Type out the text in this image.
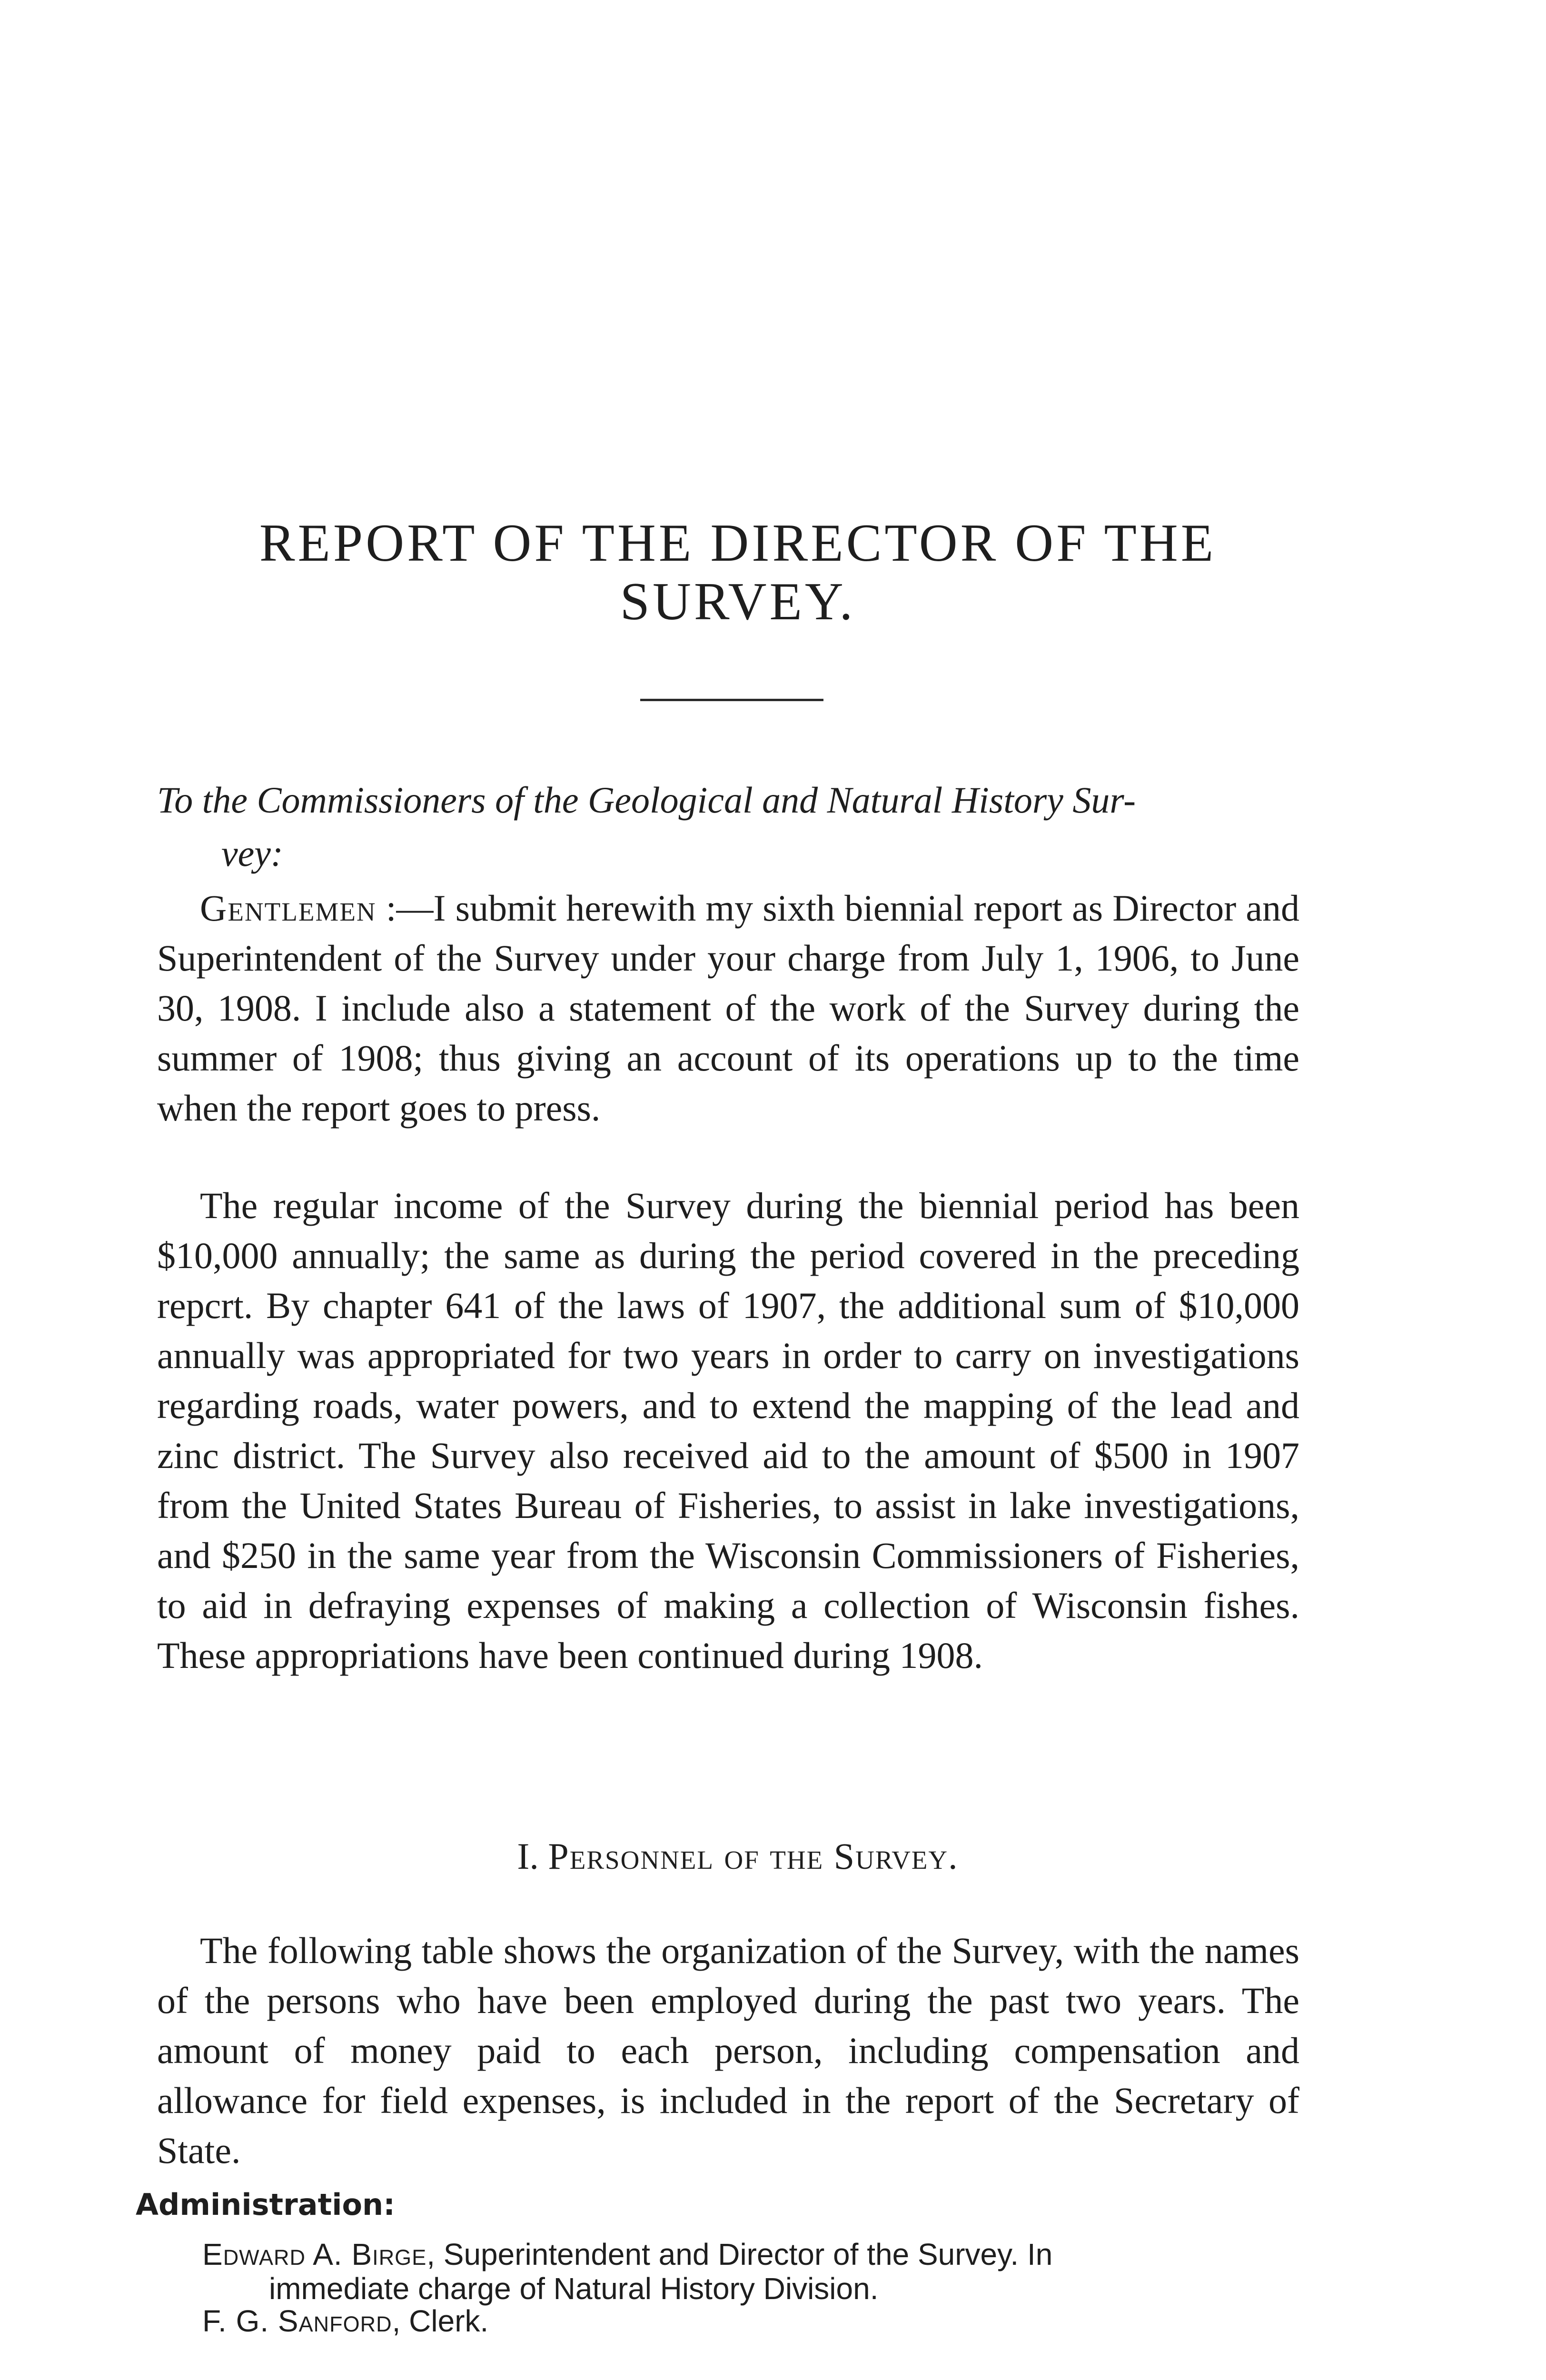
REPORT OF THE DIRECTOR OF THE
SURVEY.

To the Commissioners of the Geological and Natural History Sur-
vey:

Gentlemen :—I submit herewith my sixth biennial report as Director and Superintendent of the Survey under your charge from July 1, 1906, to June 30, 1908. I include also a statement of the work of the Survey during the summer of 1908; thus giving an account of its operations up to the time when the report goes to press.

The regular income of the Survey during the biennial period has been $10,000 annually; the same as during the period covered in the preceding repcrt. By chapter 641 of the laws of 1907, the additional sum of $10,000 annually was appropriated for two years in order to carry on investigations regarding roads, water powers, and to extend the mapping of the lead and zinc district. The Survey also received aid to the amount of $500 in 1907 from the United States Bureau of Fisheries, to assist in lake investigations, and $250 in the same year from the Wisconsin Commissioners of Fisheries, to aid in defraying expenses of making a collection of Wisconsin fishes. These appropriations have been continued during 1908.

I. Personnel of the Survey.

The following table shows the organization of the Survey, with the names of the persons who have been employed during the past two years. The amount of money paid to each person, including compensation and allowance for field expenses, is included in the report of the Secretary of State.

Administration:

Edward A. Birge, Superintendent and Director of the Survey. In
immediate charge of Natural History Division.

F. G. Sanford, Clerk.
